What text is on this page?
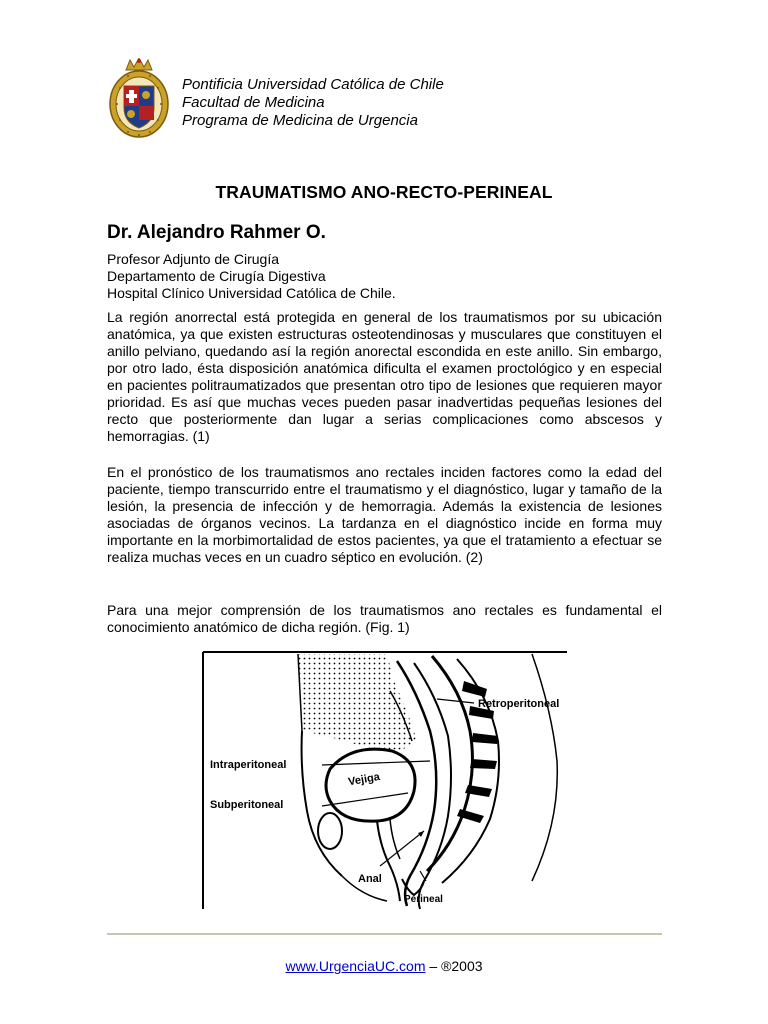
Pontificia Universidad Católica de Chile
Facultad de Medicina
Programa de Medicina de Urgencia
TRAUMATISMO ANO-RECTO-PERINEAL
Dr. Alejandro Rahmer O.
Profesor Adjunto de Cirugía
Departamento de Cirugía Digestiva
Hospital Clínico Universidad Católica de Chile.

La región anorrectal está protegida en general de los traumatismos por su ubicación anatómica, ya que existen estructuras osteotendinosas y musculares que constituyen el anillo pelviano, quedando así la región anorectal escondida en este anillo. Sin embargo, por otro lado, ésta disposición anatómica dificulta el examen proctológico y en especial en pacientes politraumatizados que presentan otro tipo de lesiones que requieren mayor prioridad. Es así que muchas veces pueden pasar inadvertidas pequeñas lesiones del recto que posteriormente dan lugar a serias complicaciones como abscesos y hemorragias. (1)

En el pronóstico de los traumatismos ano rectales inciden factores como la edad del paciente, tiempo transcurrido entre el traumatismo y el diagnóstico, lugar y tamaño de la lesión, la presencia de infección y de hemorragia. Además la existencia de lesiones asociadas de órganos vecinos. La tardanza en el diagnóstico incide en forma muy importante en la morbimortalidad de estos pacientes, ya que el tratamiento a efectuar se realiza muchas veces en un cuadro séptico en evolución. (2)

Para una mejor comprensión de los traumatismos ano rectales es fundamental el conocimiento anatómico de dicha región. (Fig. 1)

Retroperitoneal
Intraperitoneal
Vejiga
Subperitoneal
Anal
Perineal
www.UrgenciaUC.com – ®2003
